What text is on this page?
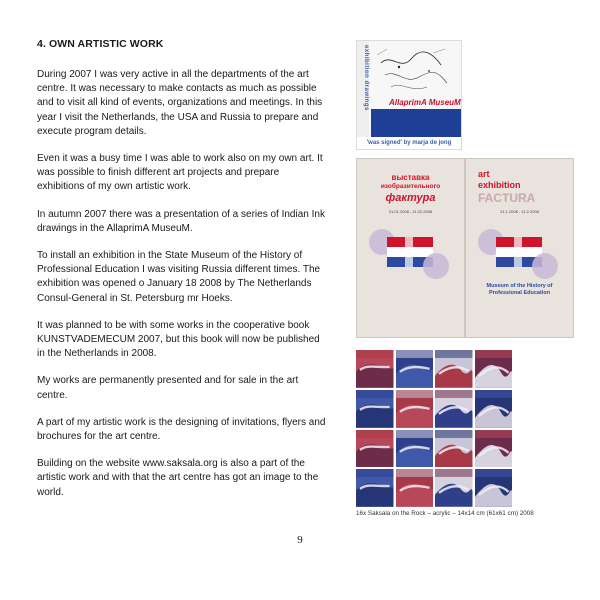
4. OWN ARTISTIC WORK

During 2007 I was very active in all the departments of the art centre. It was necessary to make contacts as much as possible and to visit all kind of events, organizations and meetings. In this year I visit the Netherlands, the USA and Russia to prepare and execute program details.

Even it was a busy time I was able to work also on my own art. It was possible to finish different art projects and prepare exhibitions of my own artistic work.

In autumn 2007 there was a presentation of a series of Indian Ink drawings in the AllaprimA MuseuM.

To install an exhibition in the State Museum of the History of Professional Education I was visiting Russia different times. The exhibition was opened o January 18 2008 by The Netherlands Consul-General in St. Petersburg mr Hoeks.

It was planned to be with some works in the cooperative book KUNSTVADEMECUM 2007, but this book will now be published in the Netherlands in 2008.

My works are permanently presented and for sale in the art centre.

A part of my artistic work is the designing of invitations, flyers and brochures for the art centre.

Building on the website www.saksala.org is also a part of the artistic work and with that the art centre has got an image to the world.

exhibition drawings	AllaprimA MuseuM
'was signed' by marja de jong
выставка
изобразительного
фактура
21.01.2008 - 11.02.2008
art
exhibition
FACTURA
21.1.2008 - 11.2.2008
Museum of the History of
Professional Education
16x Saksala on the Rock – acrylic – 14x14 cm (61x61 cm) 2008
9
